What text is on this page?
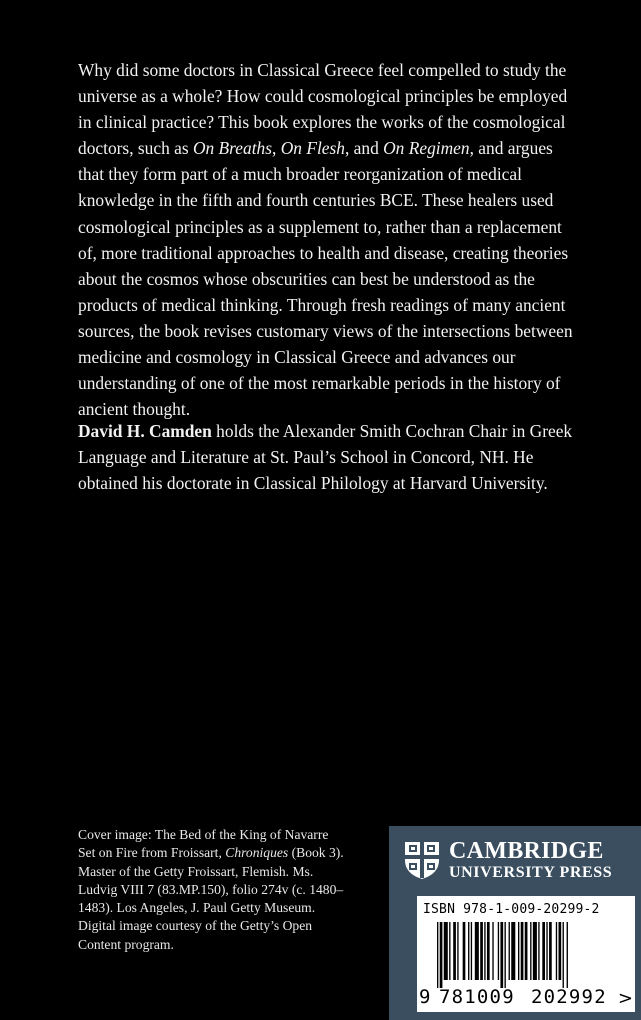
Why did some doctors in Classical Greece feel compelled to study the universe as a whole? How could cosmological principles be employed in clinical practice? This book explores the works of the cosmological doctors, such as On Breaths, On Flesh, and On Regimen, and argues that they form part of a much broader reorganization of medical knowledge in the fifth and fourth centuries BCE. These healers used cosmological principles as a supplement to, rather than a replacement of, more traditional approaches to health and disease, creating theories about the cosmos whose obscurities can best be understood as the products of medical thinking. Through fresh readings of many ancient sources, the book revises customary views of the intersections between medicine and cosmology in Classical Greece and advances our understanding of one of the most remarkable periods in the history of ancient thought.

David H. Camden holds the Alexander Smith Cochran Chair in Greek Language and Literature at St. Paul’s School in Concord, NH. He obtained his doctorate in Classical Philology at Harvard University.
Cover image: The Bed of the King of Navarre Set on Fire from Froissart, Chroniques (Book 3). Master of the Getty Froissart, Flemish. Ms. Ludvig VIII 7 (83.MP.150), folio 274v (c. 1480–1483). Los Angeles, J. Paul Getty Museum. Digital image courtesy of the Getty’s Open Content program.
CAMBRIDGE
UNIVERSITY PRESS
ISBN 978-1-009-20299-2
9 781009 202992 >
